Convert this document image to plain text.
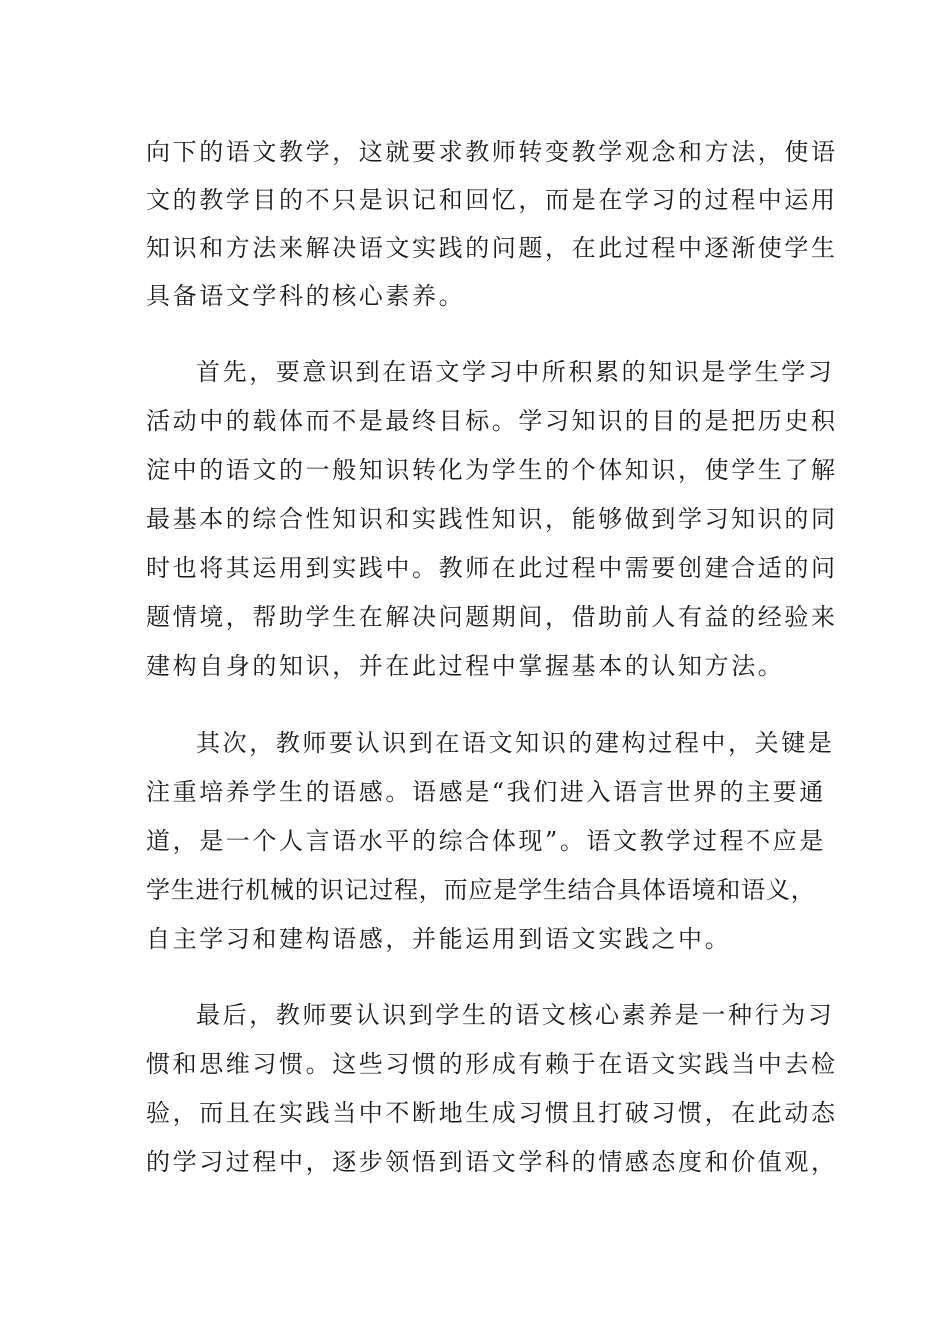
向下的语文教学，这就要求教师转变教学观念和方法，使语
文的教学目的不只是识记和回忆，而是在学习的过程中运用
知识和方法来解决语文实践的问题，在此过程中逐渐使学生
具备语文学科的核心素养。
首先，要意识到在语文学习中所积累的知识是学生学习
活动中的载体而不是最终目标。学习知识的目的是把历史积
淀中的语文的一般知识转化为学生的个体知识，使学生了解
最基本的综合性知识和实践性知识，能够做到学习知识的同
时也将其运用到实践中。教师在此过程中需要创建合适的问
题情境，帮助学生在解决问题期间，借助前人有益的经验来
建构自身的知识，并在此过程中掌握基本的认知方法。
其次，教师要认识到在语文知识的建构过程中，关键是
注重培养学生的语感。语感是“我们进入语言世界的主要通
道，是一个人言语水平的综合体现”。语文教学过程不应是
学生进行机械的识记过程，而应是学生结合具体语境和语义，
自主学习和建构语感，并能运用到语文实践之中。
最后，教师要认识到学生的语文核心素养是一种行为习
惯和思维习惯。这些习惯的形成有赖于在语文实践当中去检
验，而且在实践当中不断地生成习惯且打破习惯，在此动态
的学习过程中，逐步领悟到语文学科的情感态度和价值观，
